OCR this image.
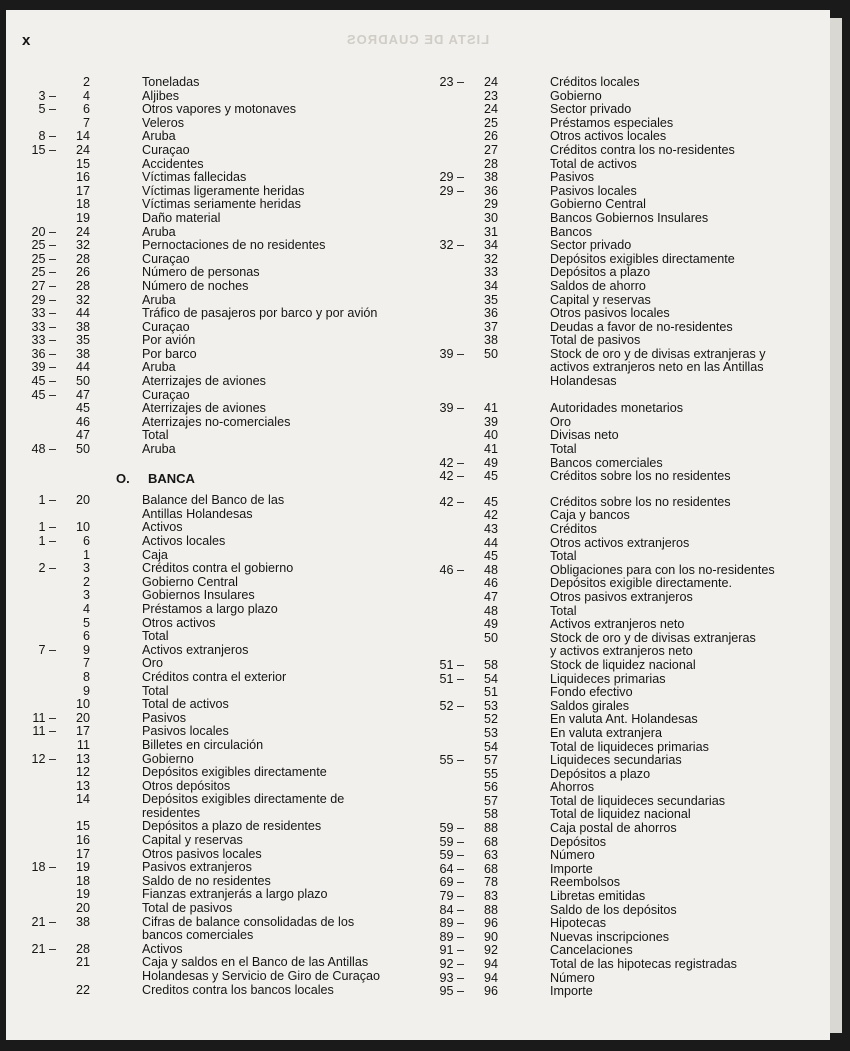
x	LISTA DE CUADROS
2	Toneladas
3 –	4	Aljibes
5 –	6	Otros vapores y motonaves
7	Veleros
8 –	14	Aruba
15 –	24	Curaçao
15	Accidentes
16	Víctimas fallecidas
17	Víctimas ligeramente heridas
18	Víctimas seriamente heridas
19	Daño material
20 –	24	Aruba
25 –	32	Pernoctaciones de no residentes
25 –	28	Curaçao
25 –	26	Número de personas
27 –	28	Número de noches
29 –	32	Aruba
33 –	44	Tráfico de pasajeros por barco y por avión
33 –	38	Curaçao
33 –	35	Por avión
36 –	38	Por barco
39 –	44	Aruba
45 –	50	Aterrizajes de aviones
45 –	47	Curaçao
45	Aterrizajes de aviones
46	Aterrizajes no-comerciales
47	Total
48 –	50	Aruba
O. BANCA
1 –	20	Balance del Banco de las
Antillas Holandesas
1 –	10	Activos
1 –	6	Activos locales
1	Caja
2 –	3	Créditos contra el gobierno
2	Gobierno Central
3	Gobiernos Insulares
4	Préstamos a largo plazo
5	Otros activos
6	Total
7 –	9	Activos extranjeros
7	Oro
8	Créditos contra el exterior
9	Total
10	Total de activos
11 –	20	Pasivos
11 –	17	Pasivos locales
11	Billetes en circulación
12 –	13	Gobierno
12	Depósitos exigibles directamente
13	Otros depósitos
14	Depósitos exigibles directamente de
residentes
15	Depósitos a plazo de residentes
16	Capital y reservas
17	Otros pasivos locales
18 –	19	Pasivos extranjeros
18	Saldo de no residentes
19	Fianzas extranjerás a largo plazo
20	Total de pasivos
21 –	38	Cifras de balance consolidadas de los
bancos comerciales
21 –	28	Activos
21	Caja y saldos en el Banco de las Antillas
Holandesas y Servicio de Giro de Curaçao
22	Creditos contra los bancos locales
23 –	24	Créditos locales
23	Gobierno
24	Sector privado
25	Préstamos especiales
26	Otros activos locales
27	Créditos contra los no-residentes
28	Total de activos
29 –	38	Pasivos
29 –	36	Pasivos locales
29	Gobierno Central
30	Bancos Gobiernos Insulares
31	Bancos
32 –	34	Sector privado
32	Depósitos exigibles directamente
33	Depósitos a plazo
34	Saldos de ahorro
35	Capital y reservas
36	Otros pasivos locales
37	Deudas a favor de no-residentes
38	Total de pasivos
39 –	50	Stock de oro y de divisas extranjeras y
activos extranjeros neto en las Antillas
Holandesas
39 –	41	Autoridades monetarios
39	Oro
40	Divisas neto
41	Total
42 –	49	Bancos comerciales
42 –	45	Créditos sobre los no residentes
42 –	45	Créditos sobre los no residentes
42	Caja y bancos
43	Créditos
44	Otros activos extranjeros
45	Total
46 –	48	Obligaciones para con los no-residentes
46	Depósitos exigible directamente.
47	Otros pasivos extranjeros
48	Total
49	Activos extranjeros neto
50	Stock de oro y de divisas extranjeras
y activos extranjeros neto
51 –	58	Stock de liquidez nacional
51 –	54	Liquideces primarias
51	Fondo efectivo
52 –	53	Saldos girales
52	En valuta Ant. Holandesas
53	En valuta extranjera
54	Total de liquideces primarias
55 –	57	Liquideces secundarias
55	Depósitos a plazo
56	Ahorros
57	Total de liquideces secundarias
58	Total de liquidez nacional
59 –	88	Caja postal de ahorros
59 –	68	Depósitos
59 –	63	Número
64 –	68	Importe
69 –	78	Reembolsos
79 –	83	Libretas emitidas
84 –	88	Saldo de los depósitos
89 –	96	Hipotecas
89 –	90	Nuevas inscripciones
91 –	92	Cancelaciones
92 –	94	Total de las hipotecas registradas
93 –	94	Número
95 –	96	Importe
